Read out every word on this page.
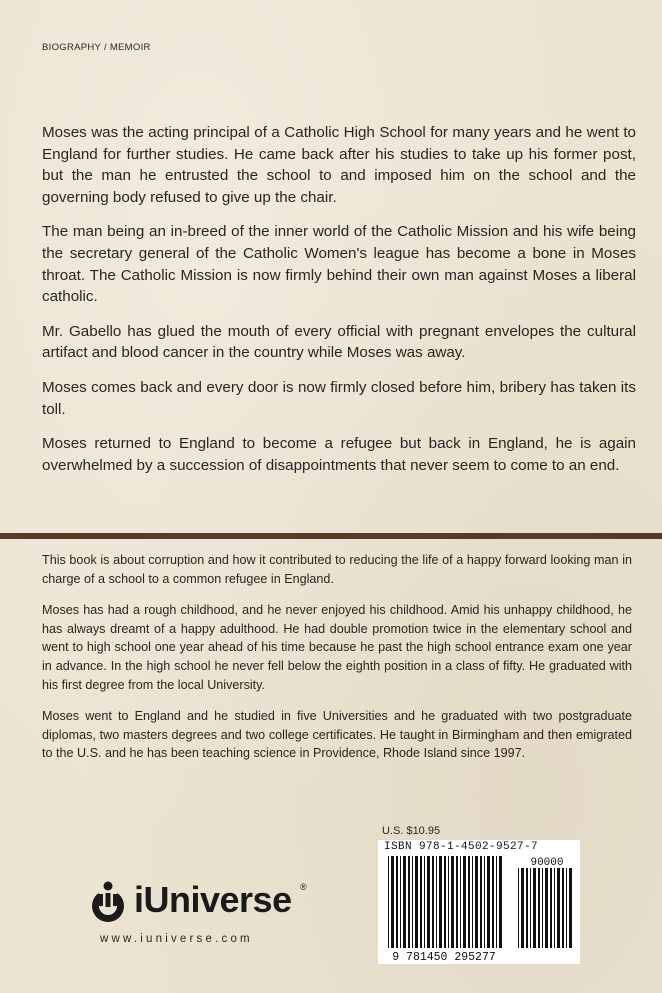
BIOGRAPHY / MEMOIR

Moses was the acting principal of a Catholic High School for many years and he went to England for further studies. He came back after his studies to take up his former post, but the man he entrusted the school to and imposed him on the school and the governing body refused to give up the chair.

The man being an in-breed of the inner world of the Catholic Mission and his wife being the secretary general of the Catholic Women's league has become a bone in Moses throat. The Catholic Mission is now firmly behind their own man against Moses a liberal catholic.

Mr. Gabello has glued the mouth of every official with pregnant envelopes the cultural artifact and blood cancer in the country while Moses was away.

Moses comes back and every door is now firmly closed before him, bribery has taken its toll.

Moses returned to England to become a refugee but back in England, he is again overwhelmed by a succession of disappointments that never seem to come to an end.

This book is about corruption and how it contributed to reducing the life of a happy forward looking man in charge of a school to a common refugee in England.

Moses has had a rough childhood, and he never enjoyed his childhood. Amid his unhappy childhood, he has always dreamt of a happy adulthood. He had double promotion twice in the elementary school and went to high school one year ahead of his time because he past the high school entrance exam one year in advance. In the high school he never fell below the eighth position in a class of fifty. He graduated with his first degree from the local University.

Moses went to England and he studied in five Universities and he graduated with two postgraduate diplomas, two masters degrees and two college certificates. He taught in Birmingham and then emigrated to the U.S. and he has been teaching science in Providence, Rhode Island since 1997.

iUniverse ®
www.iuniverse.com
U.S. $10.95
ISBN 978-1-4502-9527-7
90000
9 781450 295277
